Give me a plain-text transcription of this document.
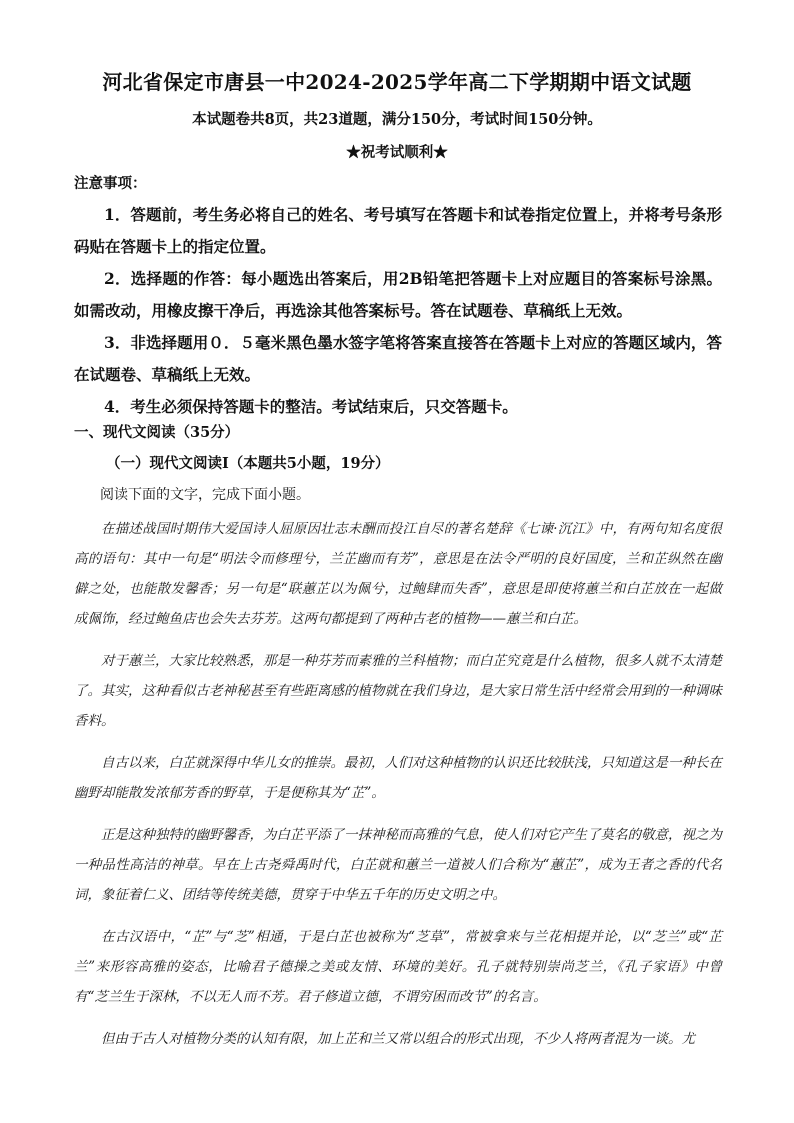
河北省保定市唐县一中2024-2025学年高二下学期期中语文试题
本试题卷共8页，共23道题，满分150分，考试时间150分钟。
★祝考试顺利★
注意事项：

1．答题前，考生务必将自己的姓名、考号填写在答题卡和试卷指定位置上，并将考号条形码贴在答题卡上的指定位置。

2．选择题的作答：每小题选出答案后，用2B铅笔把答题卡上对应题目的答案标号涂黑。如需改动，用橡皮擦干净后，再选涂其他答案标号。答在试题卷、草稿纸上无效。

3．非选择题用０．５毫米黑色墨水签字笔将答案直接答在答题卡上对应的答题区域内，答在试题卷、草稿纸上无效。

4．考生必须保持答题卡的整洁。考试结束后，只交答题卡。

一、现代文阅读（35分）
（一）现代文阅读Ⅰ（本题共5小题，19分）
阅读下面的文字，完成下面小题。

在描述战国时期伟大爱国诗人屈原因壮志未酬而投江自尽的著名楚辞《七谏·沉江》中，有两句知名度很高的语句：其中一句是“明法令而修理兮，兰芷幽而有芳”，意思是在法令严明的良好国度，兰和芷纵然在幽僻之处，也能散发馨香；另一句是“联蕙芷以为佩兮，过鲍肆而失香”，意思是即使将蕙兰和白芷放在一起做成佩饰，经过鲍鱼店也会失去芬芳。这两句都提到了两种古老的植物——蕙兰和白芷。

对于蕙兰，大家比较熟悉，那是一种芬芳而素雅的兰科植物；而白芷究竟是什么植物，很多人就不太清楚了。其实，这种看似古老神秘甚至有些距离感的植物就在我们身边，是大家日常生活中经常会用到的一种调味香料。

自古以来，白芷就深得中华儿女的推崇。最初，人们对这种植物的认识还比较肤浅，只知道这是一种长在幽野却能散发浓郁芳香的野草，于是便称其为“芷”。

正是这种独特的幽野馨香，为白芷平添了一抹神秘而高雅的气息，使人们对它产生了莫名的敬意，视之为一种品性高洁的神草。早在上古尧舜禹时代，白芷就和蕙兰一道被人们合称为“蕙芷”，成为王者之香的代名词，象征着仁义、团结等传统美德，贯穿于中华五千年的历史文明之中。

在古汉语中，“芷”与“芝”相通，于是白芷也被称为“芝草”，常被拿来与兰花相提并论，以“芝兰”或“芷兰”来形容高雅的姿态，比喻君子德操之美或友情、环境的美好。孔子就特别崇尚芝兰，《孔子家语》中曾有“芝兰生于深林，不以无人而不芳。君子修道立德，不谓穷困而改节”的名言。

但由于古人对植物分类的认知有限，加上芷和兰又常以组合的形式出现，不少人将两者混为一谈。尤
